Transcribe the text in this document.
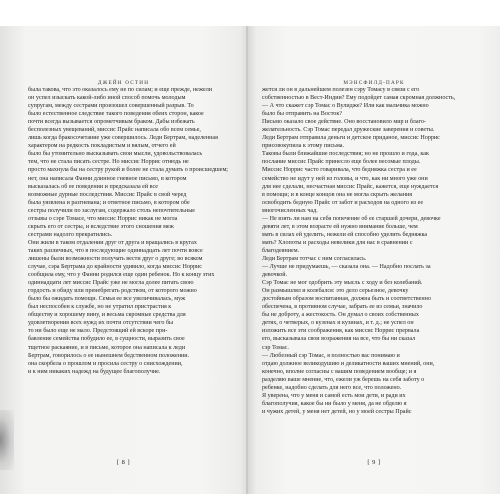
ДЖЕЙН ОСТИН

была такова, что это оказалось ему не по силам; и еще прежде, нежели

он успел изыскать какой-либо иной способ помочь молодым

супругам, между сестрами произошел совершенный разрыв. То

было естественное следствие такого поведения обеих сторон, какое

почти всегда вызывается опрометчивым браком. Дабы избежать

бесполезных увещеваний, миссис Прайс написала обо всем семье,

лишь когда бракосочетание уже совершилось. Леди Бертрам, наделенная

характером на редкость покладистым и вялым, отчего ей

было бы утомительно высказывать свои мысли, удовольствовалась

тем, что не стала писать сестре. Но миссис Норрис отнюдь не

просто махнула бы на сестру рукой и более не стала думать о происшедшем;

нет, она написала Фанни длинное гневное письмо, в котором

высказалась об ее поведении и предсказала ей все

возможные дурные последствия. Миссис Прайс в свой черед

была уязвлена и разгневана; и ответное письмо, в котором обе

сестры получили по заслугам, содержало столь непочтительные

отзывы о сэре Томасе, что миссис Норрис никак не могла

скрыть его от сестры, и вследствие этого сношения меж

сестрами надолго прекратились.

Они жили в таком отдалении друг от друга и вращались в кругах

таких различных, что в последующие одиннадцать лет почти вовсе

лишены были возможности получать вести друг о друге; во всяком

случае, сэра Бертрама до крайности удивило, когда миссис Норрис

сообщила ему, что у Фанни родился еще один ребенок. Но к концу этих

одиннадцати лет миссис Прайс уже не могла долее питать свою

гордость и обиду или пренебрегать родством, от которого можно

было бы ожидать помощи. Семья ее все увеличивалась, муж

был неспособен к службе, но не утратил пристрастия к

обществу и хорошему вину, и весьма скромные средства для

удовлетворения всех нужд их почти отсутствии чего бы

то ни было еще не мало. Предстоящий ей вскоре при-

бавление семейства побудило ее, в сущности, выразить свое

тщетное раскаяние, и в письме, которое она написала к леди

Бертрам, говорилось о ее нынешнем бедственном положении.

она скорбела о прошлом и просила сестру о снисхождении,

и к ним никаких надежд на будущее благополучие.

[ 8 ]
МЭНСФИЛД-ПАРК

жется ли он в дальнейшем полезен сэру Томасу в связи с его

собственностью в Вест-Индии? Ему подойдет самая скромная должность,

— А что скажет сэр Томас о Вулидже? Или как мальчика можно

было бы отправить на Восток?

Письмо оказало свое действие. Оно восстановило мир и благо-

желательность. Сэр Томас передал дружеские заверения и советы.

Леди Бертрам отправила деньги и детское приданое, миссис Норрис

присовокупила к этому письма.

Таковы были ближайшие последствия; но не прошло и года, как

послание миссис Прайс принесло еще более весомые плоды.

Миссис Норрис часто говаривала, что бедняжка сестра и ее

семейство не идут у ней из головы, и что, как ни много уже они

для нее сделали, несчастная миссис Прайс, кажется, еще нуждается

в помощи; и в конце концов она не могла скрыть желания

освободить бедную Прайс от забот и расходов на одного из ее

многочисленных чад.

— Не взять ли нам на себя попечение об ее старшей дочери, девочке

девяти лет, в этом возрасте ей нужно внимание больше, чем

мать в силах ей уделить, нежели ей способно уделить бедняжка

мать? Хлопоты и расходы невелики для нас в сравнении с

благодеянием.

Леди Бертрам тотчас с ним согласилась.

— Лучше не придумаешь, — сказала она. — Надобно послать за

девочкой.

Сэр Томас не мог одобрить эту мысль с ходу и без колебаний.

Он размышлял и колебался: это дело серьезное, девочку

достойным образом воспитанная, должна быть и соответственно

обеспечена, в противном случае, забрать ее из семьи, значило

бы не доброту, а жестокость. Он думал о своих собственных

детях, о четверых, о кузенах и кузинах, и т. д.; не успел он

изложить все эти соображения, как миссис Норрис прервала

его, высказывала свои возражения на все, что бы ни сказал

сэр Томас.

— Любезный сэр Томас, я полностью вас понимаю и

отдаю должное великодушию и деликатности ваших мнений, они,

конечно, вполне согласны с вашим поведением вообще; и я

разделяю ваше мнение, что, ежели уж берешь на себя заботу о

ребенке, надобно сделать для него все, что положено.

Я уверена, что у меня и самой есть мои дети, и ради их

благополучия, какое бы ни было у меня, да не обделю я

и чужих детей, у меня нет детей, но у моей сестры Прайс

[ 9 ]
